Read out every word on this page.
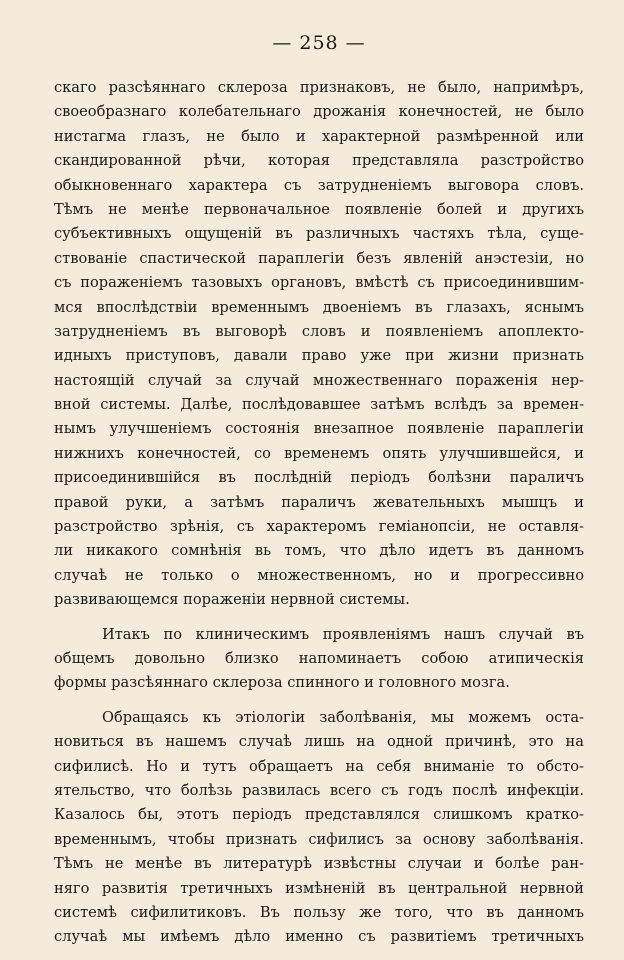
— 258 —
скаго разсѣяннаго склероза признаковъ, не было, напримѣръ,
своеобразнаго колебательнаго дрожанія конечностей, не было
нистагма глазъ, не было и характерной размѣренной или
скандированной рѣчи, которая представляла разстройство
обыкновеннаго характера съ затрудненіемъ выговора словъ.
Тѣмъ не менѣе первоначальное появленіе болей и другихъ
субъективныхъ ощущеній въ различныхъ частяхъ тѣла, суще-
ствованіе спастической параплегіи безъ явленій анэстезіи, но
съ пораженіемъ тазовыхъ органовъ, вмѣстѣ съ присоединившим-
мся впослѣдствіи временнымъ двоеніемъ въ глазахъ, яснымъ
затрудненіемъ въ выговорѣ словъ и появленіемъ апоплекто-
идныхъ приступовъ, давали право уже при жизни признать
настоящій случай за случай множественнаго пораженія нер-
вной системы. Далѣе, послѣдовавшее затѣмъ вслѣдъ за времен-
нымъ улучшеніемъ состоянія внезапное появленіе параплегіи
нижнихъ конечностей, со временемъ опять улучшившейся, и
присоединившійся въ послѣдній періодъ болѣзни параличъ
правой руки, а затѣмъ параличъ жевательныхъ мышцъ и
разстройство зрѣнія, съ характеромъ геміанопсіи, не оставля-
ли никакого сомнѣнія вь томъ, что дѣло идетъ въ данномъ
случаѣ не только о множественномъ, но и прогрессивно
развивающемся пораженіи нервной системы.
Итакъ по клиническимъ проявленіямъ нашъ случай въ
общемъ довольно близко напоминаетъ собою атипическія
формы разсѣяннаго склероза спинного и головного мозга.
Обращаясь къ этіологіи заболѣванія, мы можемъ оста-
новиться въ нашемъ случаѣ лишь на одной причинѣ, это на
сифилисѣ. Но и тутъ обращаетъ на себя вниманіе то обсто-
ятельство, что болѣзь развилась всего съ годъ послѣ инфекціи.
Казалось бы, этотъ періодъ представлялся слишкомъ кратко-
временнымъ, чтобы признать сифилисъ за основу заболѣванія.
Тѣмъ не менѣе въ литературѣ извѣстны случаи и болѣе ран-
няго развитія третичныхъ измѣненій въ центральной нервной
системѣ сифилитиковъ. Въ пользу же того, что въ данномъ
случаѣ мы имѣемъ дѣло именно съ развитіемъ третичныхъ
